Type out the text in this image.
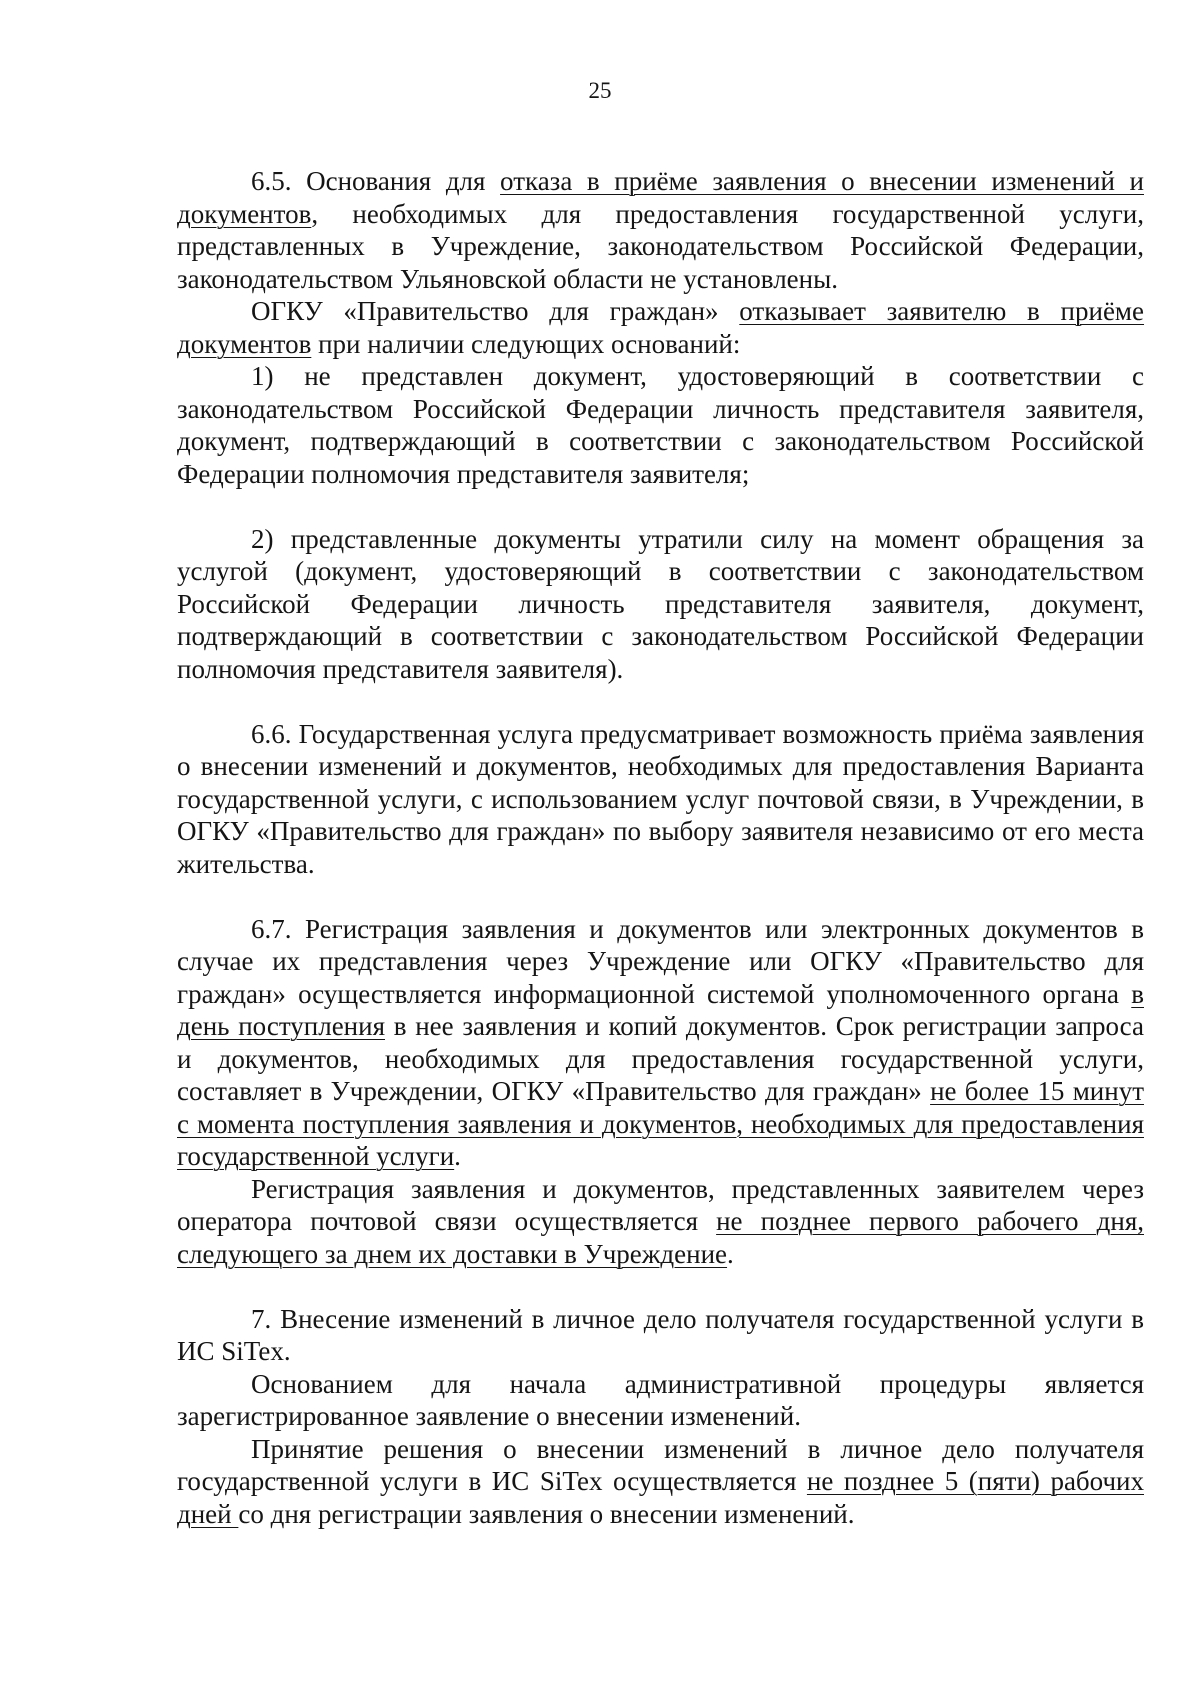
25

6.5. Основания для отказа в приёме заявления о внесении изменений и документов, необходимых для предоставления государственной услуги, представленных в Учреждение, законодательством Российской Федерации, законодательством Ульяновской области не установлены.

ОГКУ «Правительство для граждан» отказывает заявителю в приёме документов при наличии следующих оснований:

1) не представлен документ, удостоверяющий в соответствии с законодательством Российской Федерации личность представителя заявителя, документ, подтверждающий в соответствии с законодательством Российской Федерации полномочия представителя заявителя;

2) представленные документы утратили силу на момент обращения за услугой (документ, удостоверяющий в соответствии с законодательством Российской Федерации личность представителя заявителя, документ, подтверждающий в соответствии с законодательством Российской Федерации полномочия представителя заявителя).

6.6. Государственная услуга предусматривает возможность приёма заявления о внесении изменений и документов, необходимых для предоставления Варианта государственной услуги, с использованием услуг почтовой связи, в Учреждении, в ОГКУ «Правительство для граждан» по выбору заявителя независимо от его места жительства.

6.7. Регистрация заявления и документов или электронных документов в случае их представления через Учреждение или ОГКУ «Правительство для граждан» осуществляется информационной системой уполномоченного органа в день поступления в нее заявления и копий документов. Срок регистрации запроса и документов, необходимых для предоставления государственной услуги, составляет в Учреждении, ОГКУ «Правительство для граждан» не более 15 минут с момента поступления заявления и документов, необходимых для предоставления государственной услуги.

Регистрация заявления и документов, представленных заявителем через оператора почтовой связи осуществляется не позднее первого рабочего дня, следующего за днем их доставки в Учреждение.

7. Внесение изменений в личное дело получателя государственной услуги в ИС SiTex.

Основанием для начала административной процедуры является зарегистрированное заявление о внесении изменений.

Принятие решения о внесении изменений в личное дело получателя государственной услуги в ИС SiTex осуществляется не позднее 5 (пяти) рабочих дней со дня регистрации заявления о внесении изменений.
